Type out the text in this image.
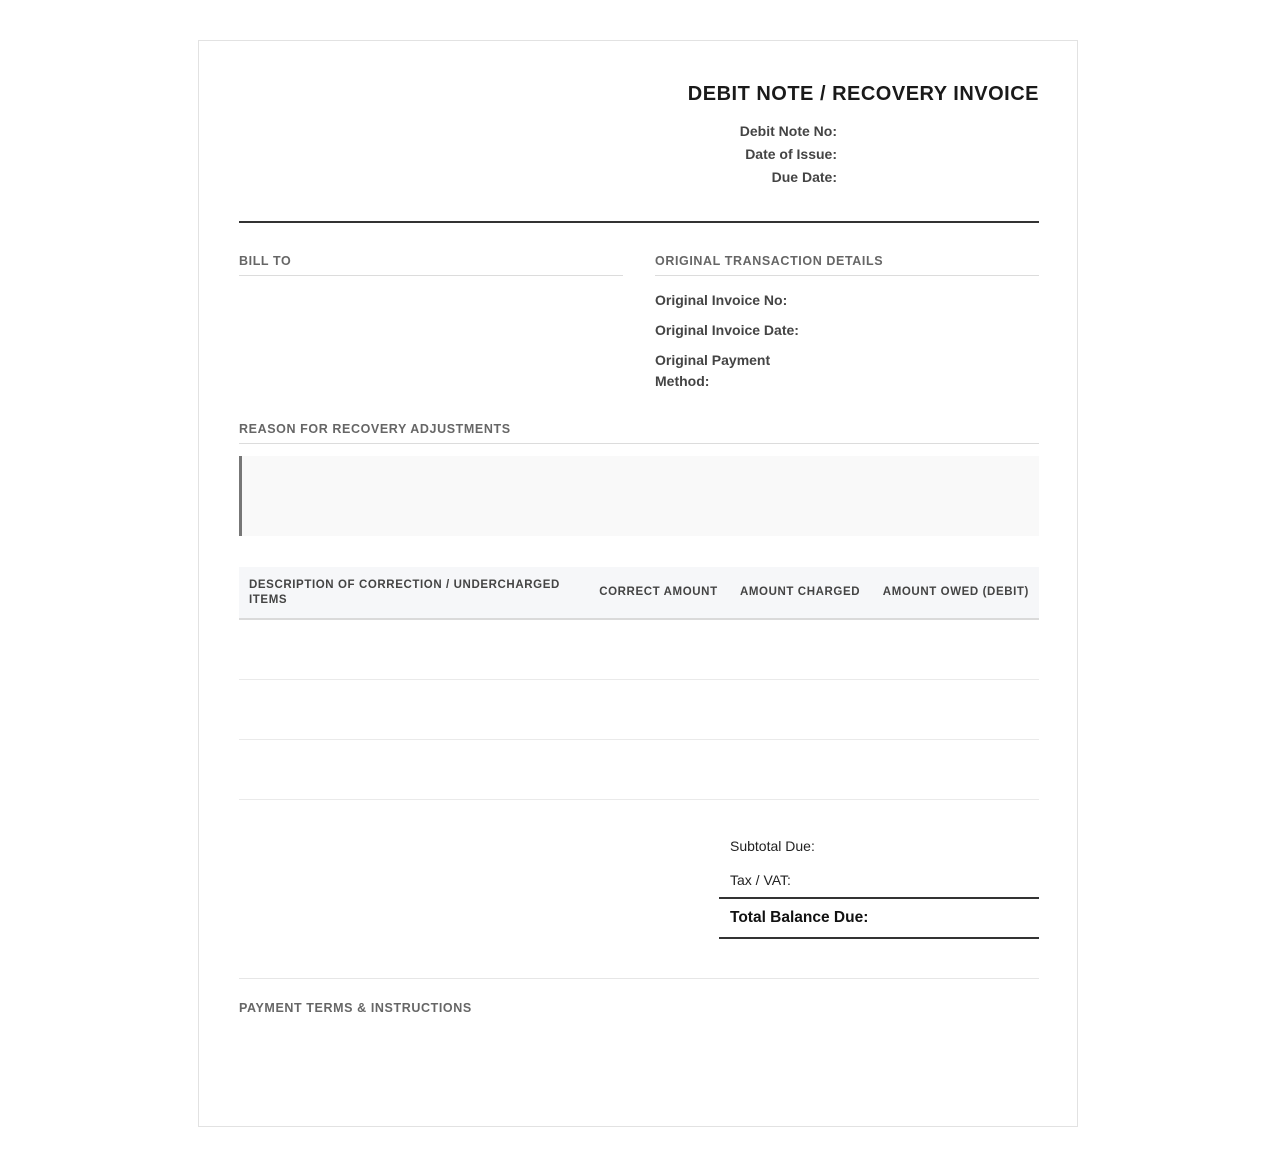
DEBIT NOTE / RECOVERY INVOICE
Debit Note No:
Date of Issue:
Due Date:
BILL TO	ORIGINAL TRANSACTION DETAILS
Original Invoice No:
Original Invoice Date:
Original Payment Method:
REASON FOR RECOVERY ADJUSTMENTS
DESCRIPTION OF CORRECTION / UNDERCHARGED ITEMS	CORRECT AMOUNT	AMOUNT CHARGED	AMOUNT OWED (DEBIT)

Subtotal Due:
Tax / VAT:
Total Balance Due:
PAYMENT TERMS & INSTRUCTIONS
